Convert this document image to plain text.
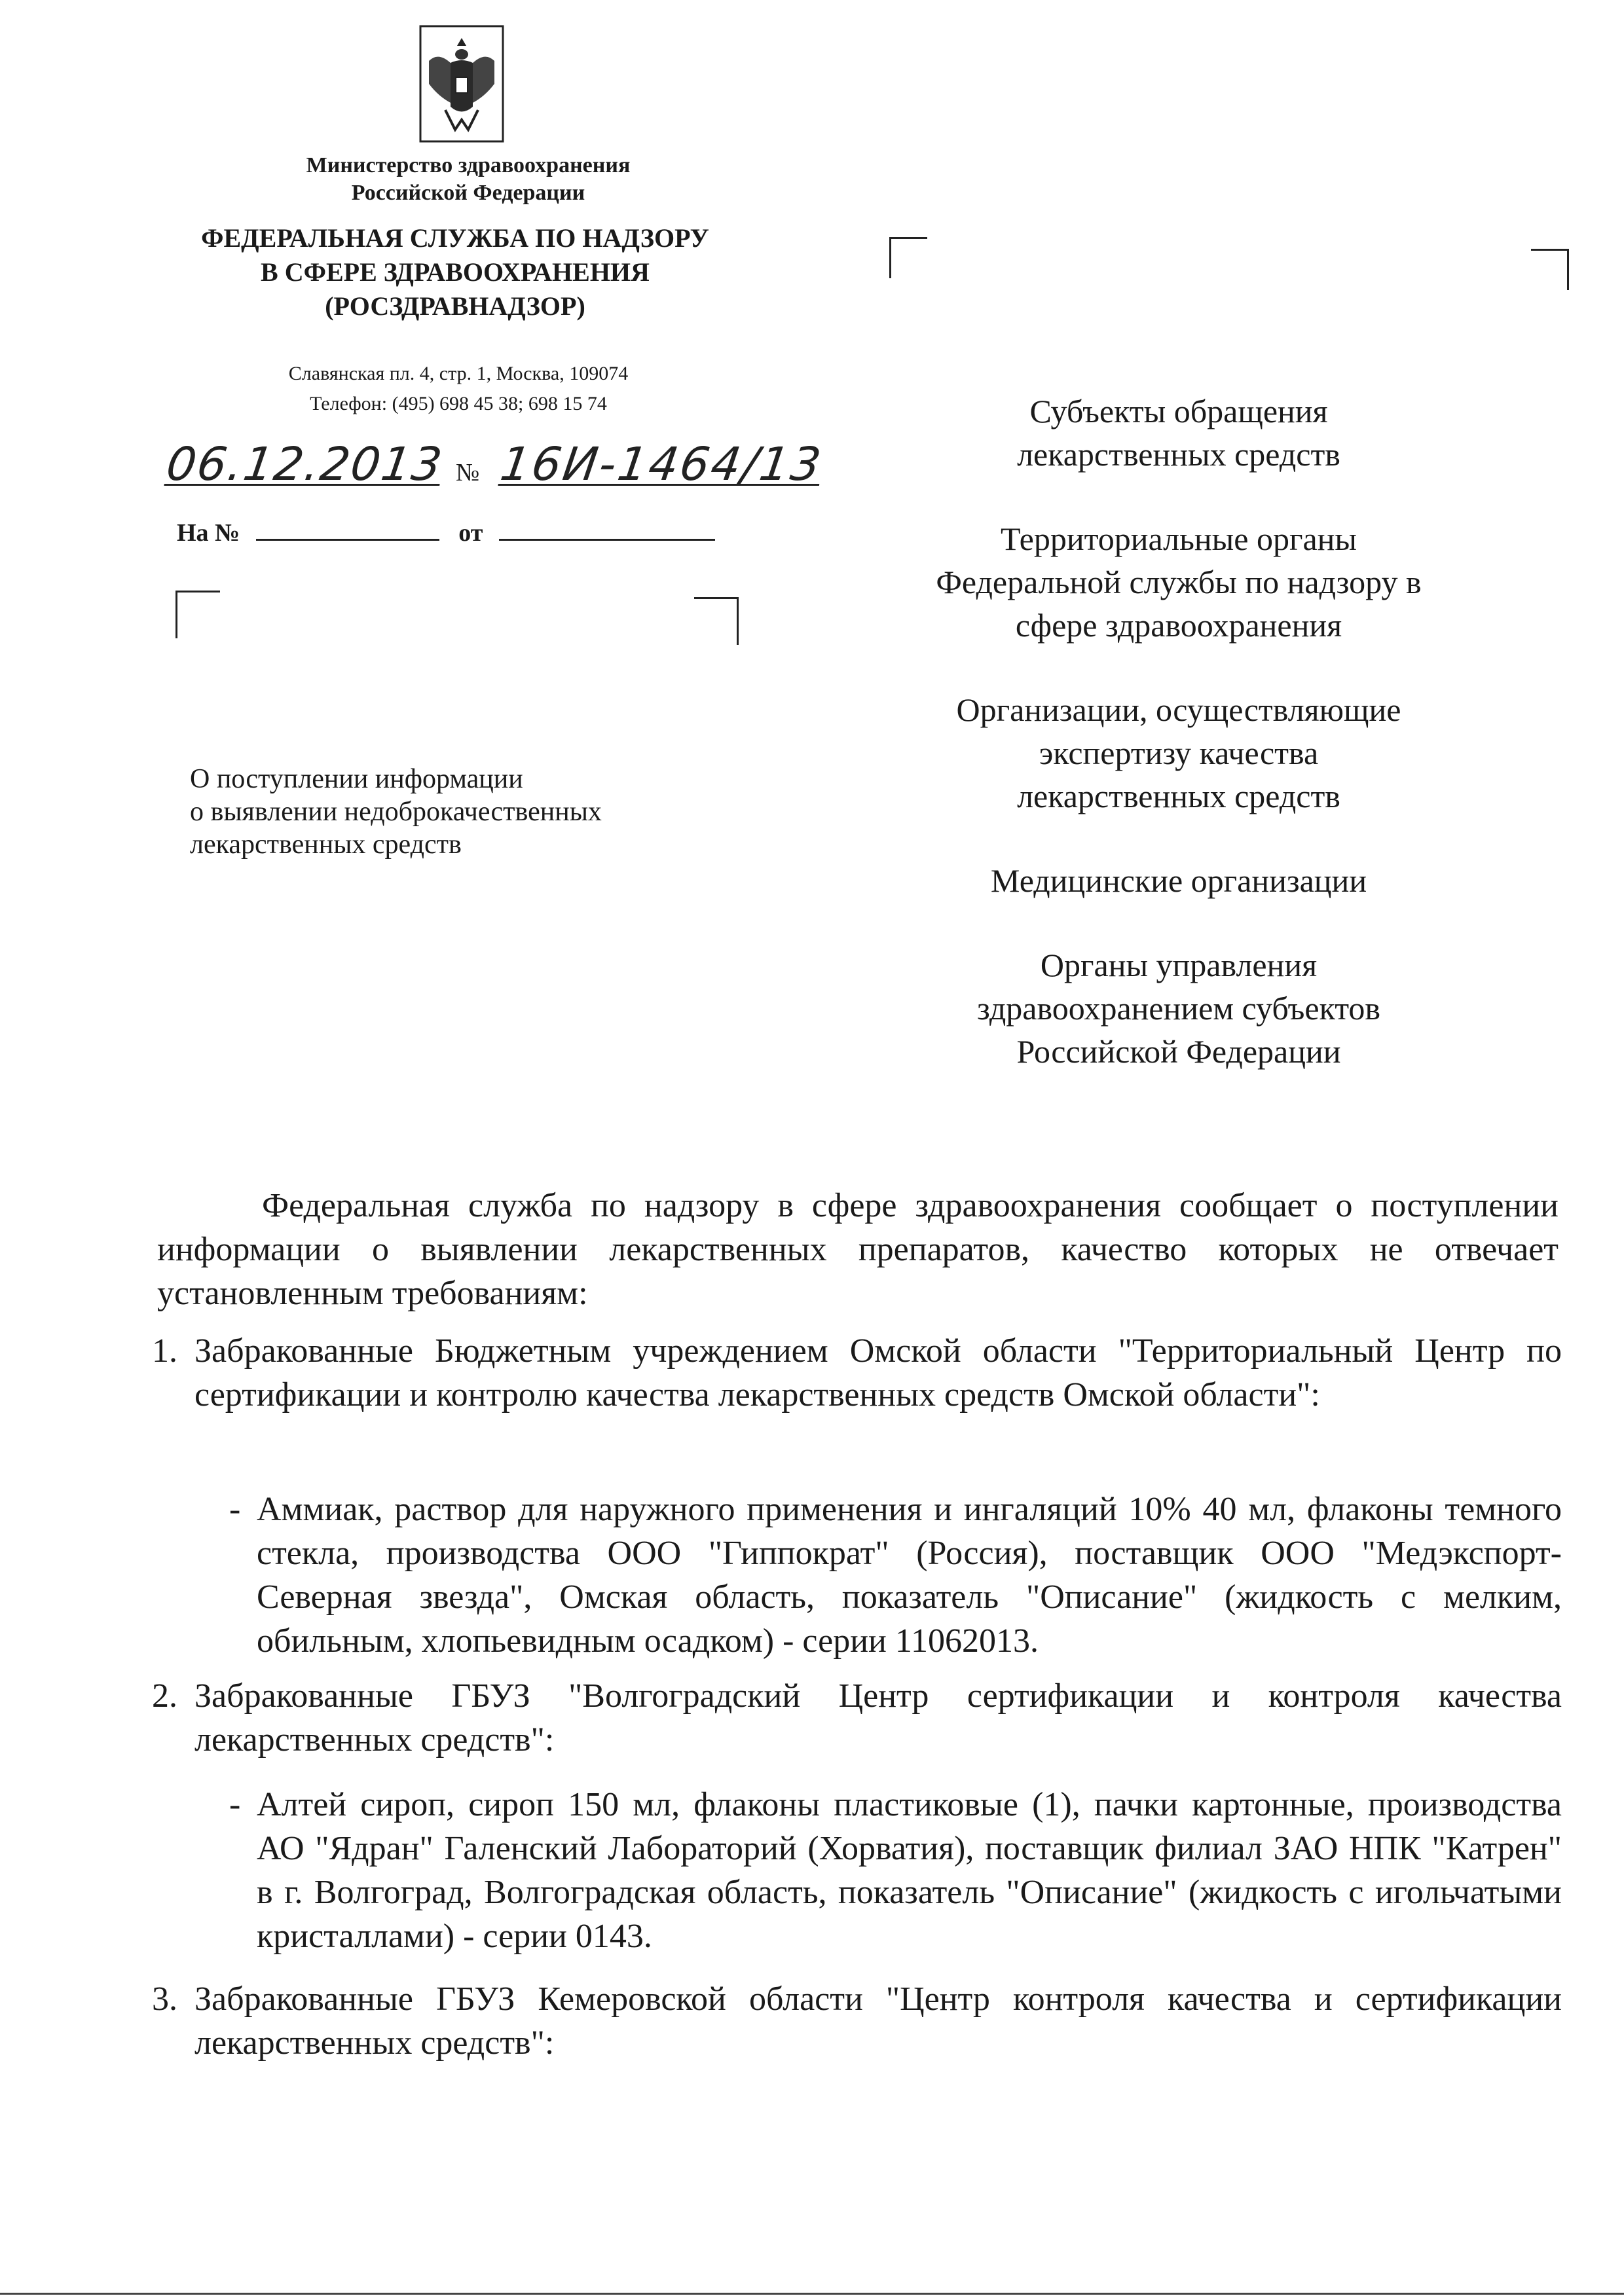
Министерство здравоохранения
Российской Федерации
ФЕДЕРАЛЬНАЯ СЛУЖБА ПО НАДЗОРУ
В СФЕРЕ ЗДРАВООХРАНЕНИЯ
(РОСЗДРАВНАДЗОР)
Славянская пл. 4, стр. 1, Москва, 109074
Телефон: (495) 698 45 38; 698 15 74
06.12.2013 № 16И-1464/13
На №	от
О поступлении информации
о выявлении недоброкачественных
лекарственных средств
Субъекты обращения
лекарственных средств
Территориальные органы
Федеральной службы по надзору в
сфере здравоохранения
Организации, осуществляющие
экспертизу качества
лекарственных средств
Медицинские организации
Органы управления
здравоохранением субъектов
Российской Федерации
Федеральная служба по надзору в сфере здравоохранения сообщает о поступлении информации о выявлении лекарственных препаратов, качество которых не отвечает установленным требованиям:
1. Забракованные Бюджетным учреждением Омской области "Территориальный Центр по сертификации и контролю качества лекарственных средств Омской области":
- Аммиак, раствор для наружного применения и ингаляций 10% 40 мл, флаконы темного стекла, производства ООО "Гиппократ" (Россия), поставщик ООО "Медэкспорт-Северная звезда", Омская область, показатель "Описание" (жидкость с мелким, обильным, хлопьевидным осадком) - серии 11062013.
2. Забракованные ГБУЗ "Волгоградский Центр сертификации и контроля качества лекарственных средств":
- Алтей сироп, сироп 150 мл, флаконы пластиковые (1), пачки картонные, производства АО "Ядран" Галенский Лабораторий (Хорватия), поставщик филиал ЗАО НПК "Катрен" в г. Волгоград, Волгоградская область, показатель "Описание" (жидкость с игольчатыми кристаллами) - серии 0143.
3. Забракованные ГБУЗ Кемеровской области "Центр контроля качества и сертификации лекарственных средств":
